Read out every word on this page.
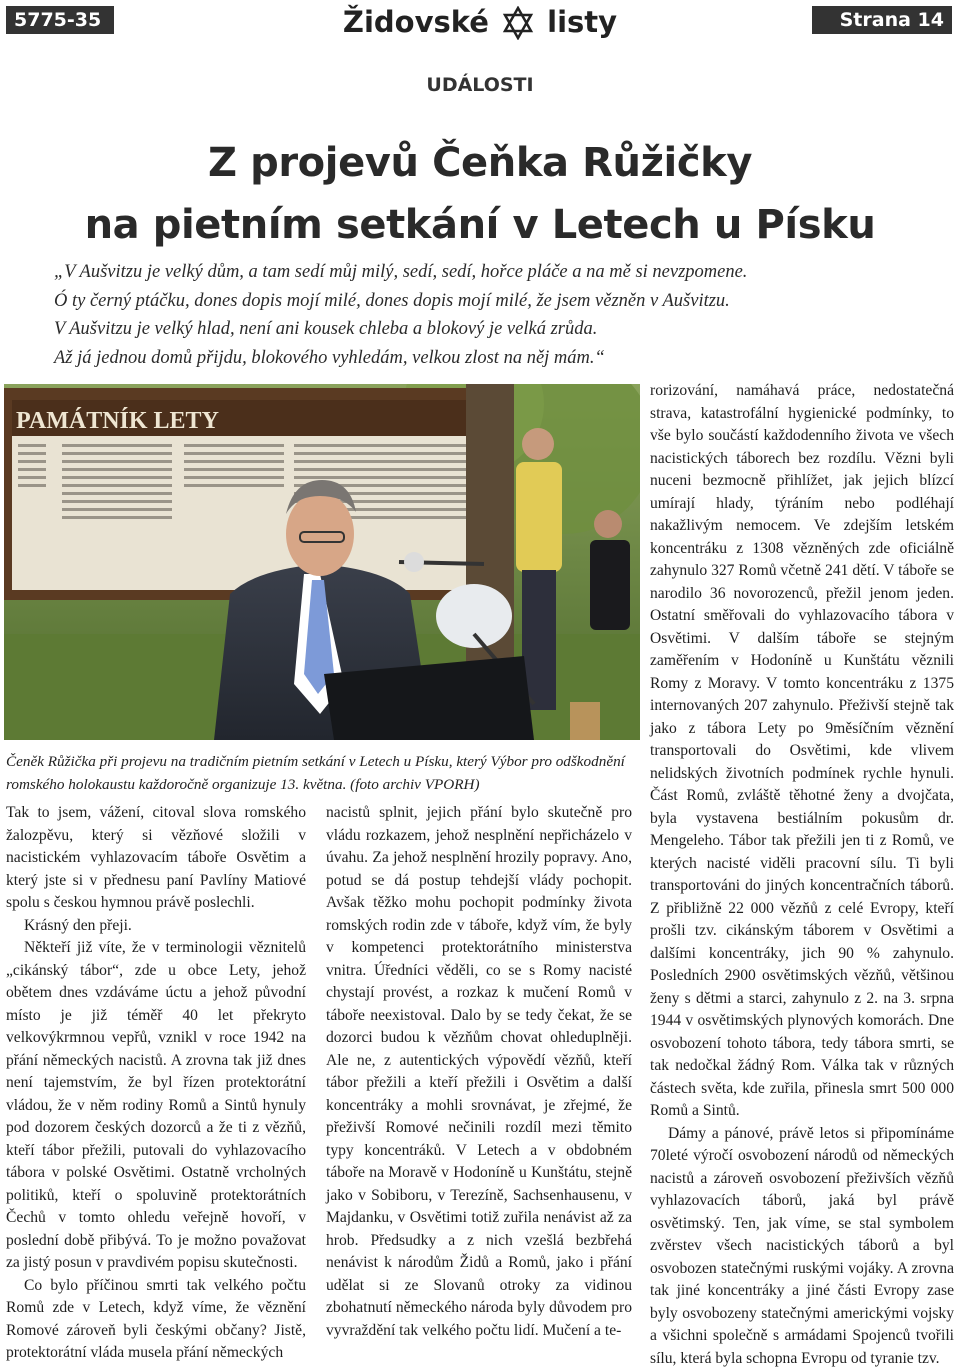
5775-35	Židovské listy	Strana 14
UDÁLOSTI
Z projevů Čeňka Růžičky
na pietním setkání v Letech u Písku
„V Aušvitzu je velký dům, a tam sedí můj milý, sedí, sedí, hořce pláče a na mě si nevzpomene.
Ó ty černý ptáčku, dones dopis mojí milé, dones dopis mojí milé, že jsem vězněn v Aušvitzu.
V Aušvitzu je velký hlad, není ani kousek chleba a blokový je velká zrůda.
Až já jednou domů přijdu, blokového vyhledám, velkou zlost na něj mám.“
PAMÁTNÍK LETY
Čeněk Růžička při projevu na tradičním pietním setkání v Letech u Písku, který Výbor pro odškodnění romského holokaustu každoročně organizuje 13. května. (foto archiv VPORH)

Tak to jsem, vážení, citoval slova romského žalozpěvu, který si vězňové složili v nacistickém vyhlazovacím táboře Osvětim a který jste si v přednesu paní Pavlíny Matiové spolu s českou hymnou právě poslechli.

Krásný den přeji.

Někteří již víte, že v terminologii věznitelů „cikánský tábor“, zde u obce Lety, jehož obětem dnes vzdáváme úctu a jehož původní místo je již téměř 40 let překryto velkovýkrmnou vepřů, vznikl v roce 1942 na přání německých nacistů. A zrovna tak již dnes není tajemstvím, že byl řízen protektorátní vládou, že v něm rodiny Romů a Sintů hynuly pod dozorem českých dozorců a že ti z vězňů, kteří tábor přežili, putovali do vyhlazovacího tábora v polské Osvětimi. Ostatně vrcholných politiků, kteří o spoluvině protektorátních Čechů v tomto ohledu veřejně hovoří, v poslední době přibývá. To je možno považovat za jistý posun v pravdivém popisu skutečnosti.

Co bylo příčinou smrti tak velkého počtu Romů zde v Letech, když víme, že věznění Romové zároveň byli českými občany? Jistě, protektorátní vláda musela přání německých

nacistů splnit, jejich přání bylo skutečně pro vládu rozkazem, jehož nesplnění nepřicházelo v úvahu. Za jehož nesplnění hrozily popravy. Ano, potud se dá postup tehdejší vlády pochopit. Avšak těžko mohu pochopit podmínky života romských rodin zde v táboře, když vím, že byly v kompetenci protektorátního ministerstva vnitra. Úředníci věděli, co se s Romy nacisté chystají provést, a rozkaz k mučení Romů v táboře neexistoval. Dalo by se tedy čekat, že se dozorci budou k vězňům chovat ohleduplněji. Ale ne, z autentických výpovědí vězňů, kteří tábor přežili a kteří přežili i Osvětim a další koncentráky a mohli srovnávat, je zřejmé, že přeživší Romové nečinili rozdíl mezi těmito typy koncentráků. V Letech a v obdobném táboře na Moravě v Hodoníně u Kunštátu, stejně jako v Sobiboru, v Terezíně, Sachsenhausenu, v Majdanku, v Osvětimi totiž zuřila nenávist až za hrob. Předsudky a z nich vzešlá bezbřehá nenávist k národům Židů a Romů, jako i přání udělat si ze Slovanů otroky za vidinou zbohatnutí německého národa byly důvodem pro vyvraždění tak velkého počtu lidí. Mučení a te-

rorizování, namáhavá práce, nedostatečná strava, katastrofální hygienické podmínky, to vše bylo součástí každodenního života ve všech nacistických táborech bez rozdílu. Vězni byli nuceni bezmocně přihlížet, jak jejich blízcí umírají hlady, týráním nebo podléhají nakažlivým nemocem. Ve zdejším letském koncentráku z 1308 vězněných zde oficiálně zahynulo 327 Romů včetně 241 dětí. V táboře se narodilo 36 novorozenců, přežil jenom jeden. Ostatní směřovali do vyhlazovacího tábora v Osvětimi. V dalším táboře se stejným zaměřením v Hodoníně u Kunštátu věznili Romy z Moravy. V tomto koncentráku z 1375 internovaných 207 zahynulo. Přeživší stejně tak jako z tábora Lety po 9měsíčním věznění transportovali do Osvětimi, kde vlivem nelidských životních podmínek rychle hynuli. Část Romů, zvláště těhotné ženy a dvojčata, byla vystavena bestiálním pokusům dr. Mengeleho. Tábor tak přežili jen ti z Romů, ve kterých nacisté viděli pracovní sílu. Ti byli transportováni do jiných koncentračních táborů. Z přibližně 22 000 vězňů z celé Evropy, kteří prošli tzv. cikánským táborem v Osvětimi a dalšími koncentráky, jich 90 % zahynulo. Posledních 2900 osvětimských vězňů, většinou ženy s dětmi a starci, zahynulo z 2. na 3. srpna 1944 v osvětimských plynových komorách. Dne osvobození tohoto tábora, tedy tábora smrti, se tak nedočkal žádný Rom. Válka tak v různých částech světa, kde zuřila, přinesla smrt 500 000 Romů a Sintů.

Dámy a pánové, právě letos si připomínáme 70leté výročí osvobození národů od německých nacistů a zároveň osvobození přeživších vězňů vyhlazovacích táborů, jaká byl právě osvětimský. Ten, jak víme, se stal symbolem zvěrstev všech nacistických táborů a byl osvobozen statečnými ruskými vojáky. A zrovna tak jiné koncentráky a jiné části Evropy zase byly osvobozeny statečnými americkými vojsky a všichni společně s armádami Spojenců tvořili sílu, která byla schopna Evropu od tyranie tzv.
